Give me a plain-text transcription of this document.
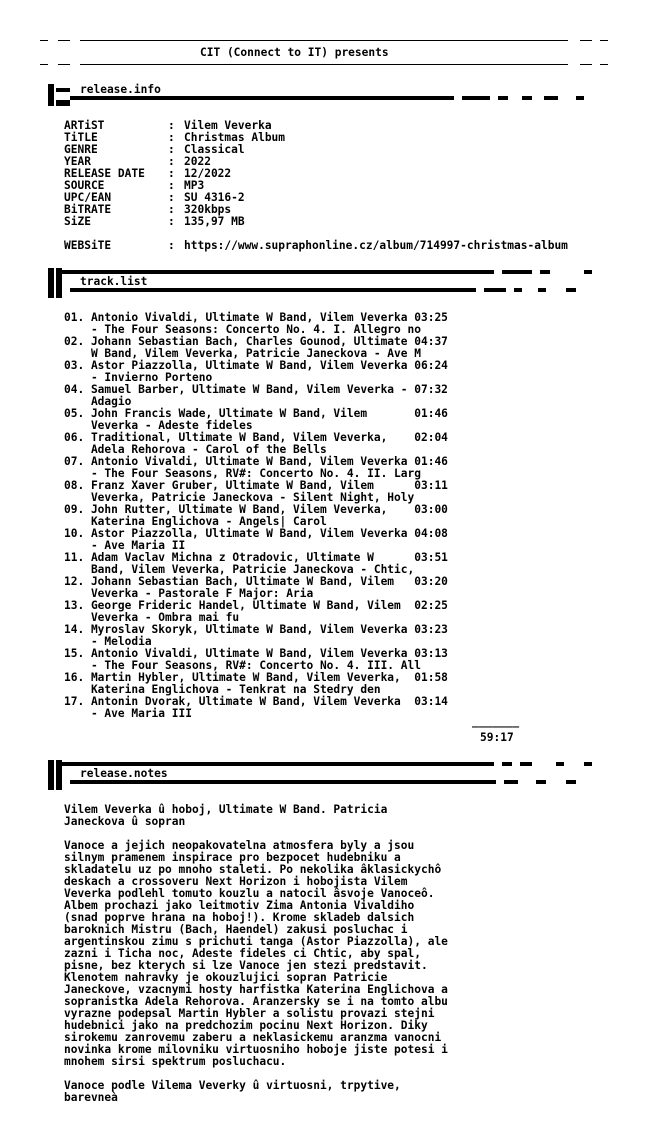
CIT (Connect to IT) presents
release.info
ARTiST	: Vilem Veverka
TiTLE	: Christmas Album
GENRE	: Classical
YEAR	: 2022
RELEASE DATE : 12/2022
SOURCE	: MP3
UPC/EAN	: SU 4316-2
BiTRATE	: 320kbps
SiZE	: 135,97 MB
WEBSiTE	: https://www.supraphonline.cz/album/714997-christmas-album
track.list
01. Antonio Vivaldi, Ultimate W Band, Vilem Veverka 03:25
- The Four Seasons: Concerto No. 4. I. Allegro no
02. Johann Sebastian Bach, Charles Gounod, Ultimate 04:37
W Band, Vilem Veverka, Patricie Janeckova - Ave M
03. Astor Piazzolla, Ultimate W Band, Vilem Veverka 06:24
- Invierno Porteno
04. Samuel Barber, Ultimate W Band, Vilem Veverka - 07:32
Adagio
05. John Francis Wade, Ultimate W Band, Vilem       01:46
Veverka - Adeste fideles
06. Traditional, Ultimate W Band, Vilem Veverka,    02:04
Adela Rehorova - Carol of the Bells
07. Antonio Vivaldi, Ultimate W Band, Vilem Veverka 01:46
- The Four Seasons, RV#: Concerto No. 4. II. Larg
08. Franz Xaver Gruber, Ultimate W Band, Vilem      03:11
Veverka, Patricie Janeckova - Silent Night, Holy
09. John Rutter, Ultimate W Band, Vilem Veverka,    03:00
Katerina Englichova - Angels| Carol
10. Astor Piazzolla, Ultimate W Band, Vilem Veverka 04:08
- Ave Maria II
11. Adam Vaclav Michna z Otradovic, Ultimate W      03:51
Band, Vilem Veverka, Patricie Janeckova - Chtic,
12. Johann Sebastian Bach, Ultimate W Band, Vilem   03:20
Veverka - Pastorale F Major: Aria
13. George Frideric Handel, Ultimate W Band, Vilem  02:25
Veverka - Ombra mai fu
14. Myroslav Skoryk, Ultimate W Band, Vilem Veverka 03:23
- Melodia
15. Antonio Vivaldi, Ultimate W Band, Vilem Veverka 03:13
- The Four Seasons, RV#: Concerto No. 4. III. All
16. Martin Hybler, Ultimate W Band, Vilem Veverka,  01:58
Katerina Englichova - Tenkrat na Stedry den
17. Antonin Dvorak, Ultimate W Band, Vilem Veverka  03:14
- Ave Maria III
_______
59:17
release.notes
Vilem Veverka û hoboj, Ultimate W Band. Patricia
Janeckova û sopran
Vanoce a jejich neopakovatelna atmosfera byly a jsou
silnym pramenem inspirace pro bezpocet hudebniku a
skladatelu uz po mnoho staleti. Po nekolika âklasickychô
deskach a crossoveru Next Horizon i hobojista Vilem
Veverka podlehl tomuto kouzlu a natocil âsvoje Vanoceô.
Albem prochazi jako leitmotiv Zima Antonia Vivaldiho
(snad poprve hrana na hoboj!). Krome skladeb dalsich
baroknich Mistru (Bach, Haendel) zakusi posluchac i
argentinskou zimu s prichuti tanga (Astor Piazzolla), ale
zazni i Ticha noc, Adeste fideles ci Chtic, aby spal,
pisne, bez kterych si lze Vanoce jen stezi predstavit.
Klenotem nahravky je okouzlujici sopran Patricie
Janeckove, vzacnymi hosty harfistka Katerina Englichova a
sopranistka Adela Rehorova. Aranzersky se i na tomto albu
vyrazne podepsal Martin Hybler a solistu provazi stejni
hudebnici jako na predchozim pocinu Next Horizon. Diky
sirokemu zanrovemu zaberu a neklasickemu aranzma vanocni
novinka krome milovniku virtuosniho hoboje jiste potesi i
mnohem sirsi spektrum posluchacu.
Vanoce podle Vilema Veverky û virtuosni, trpytive,
barevneà
